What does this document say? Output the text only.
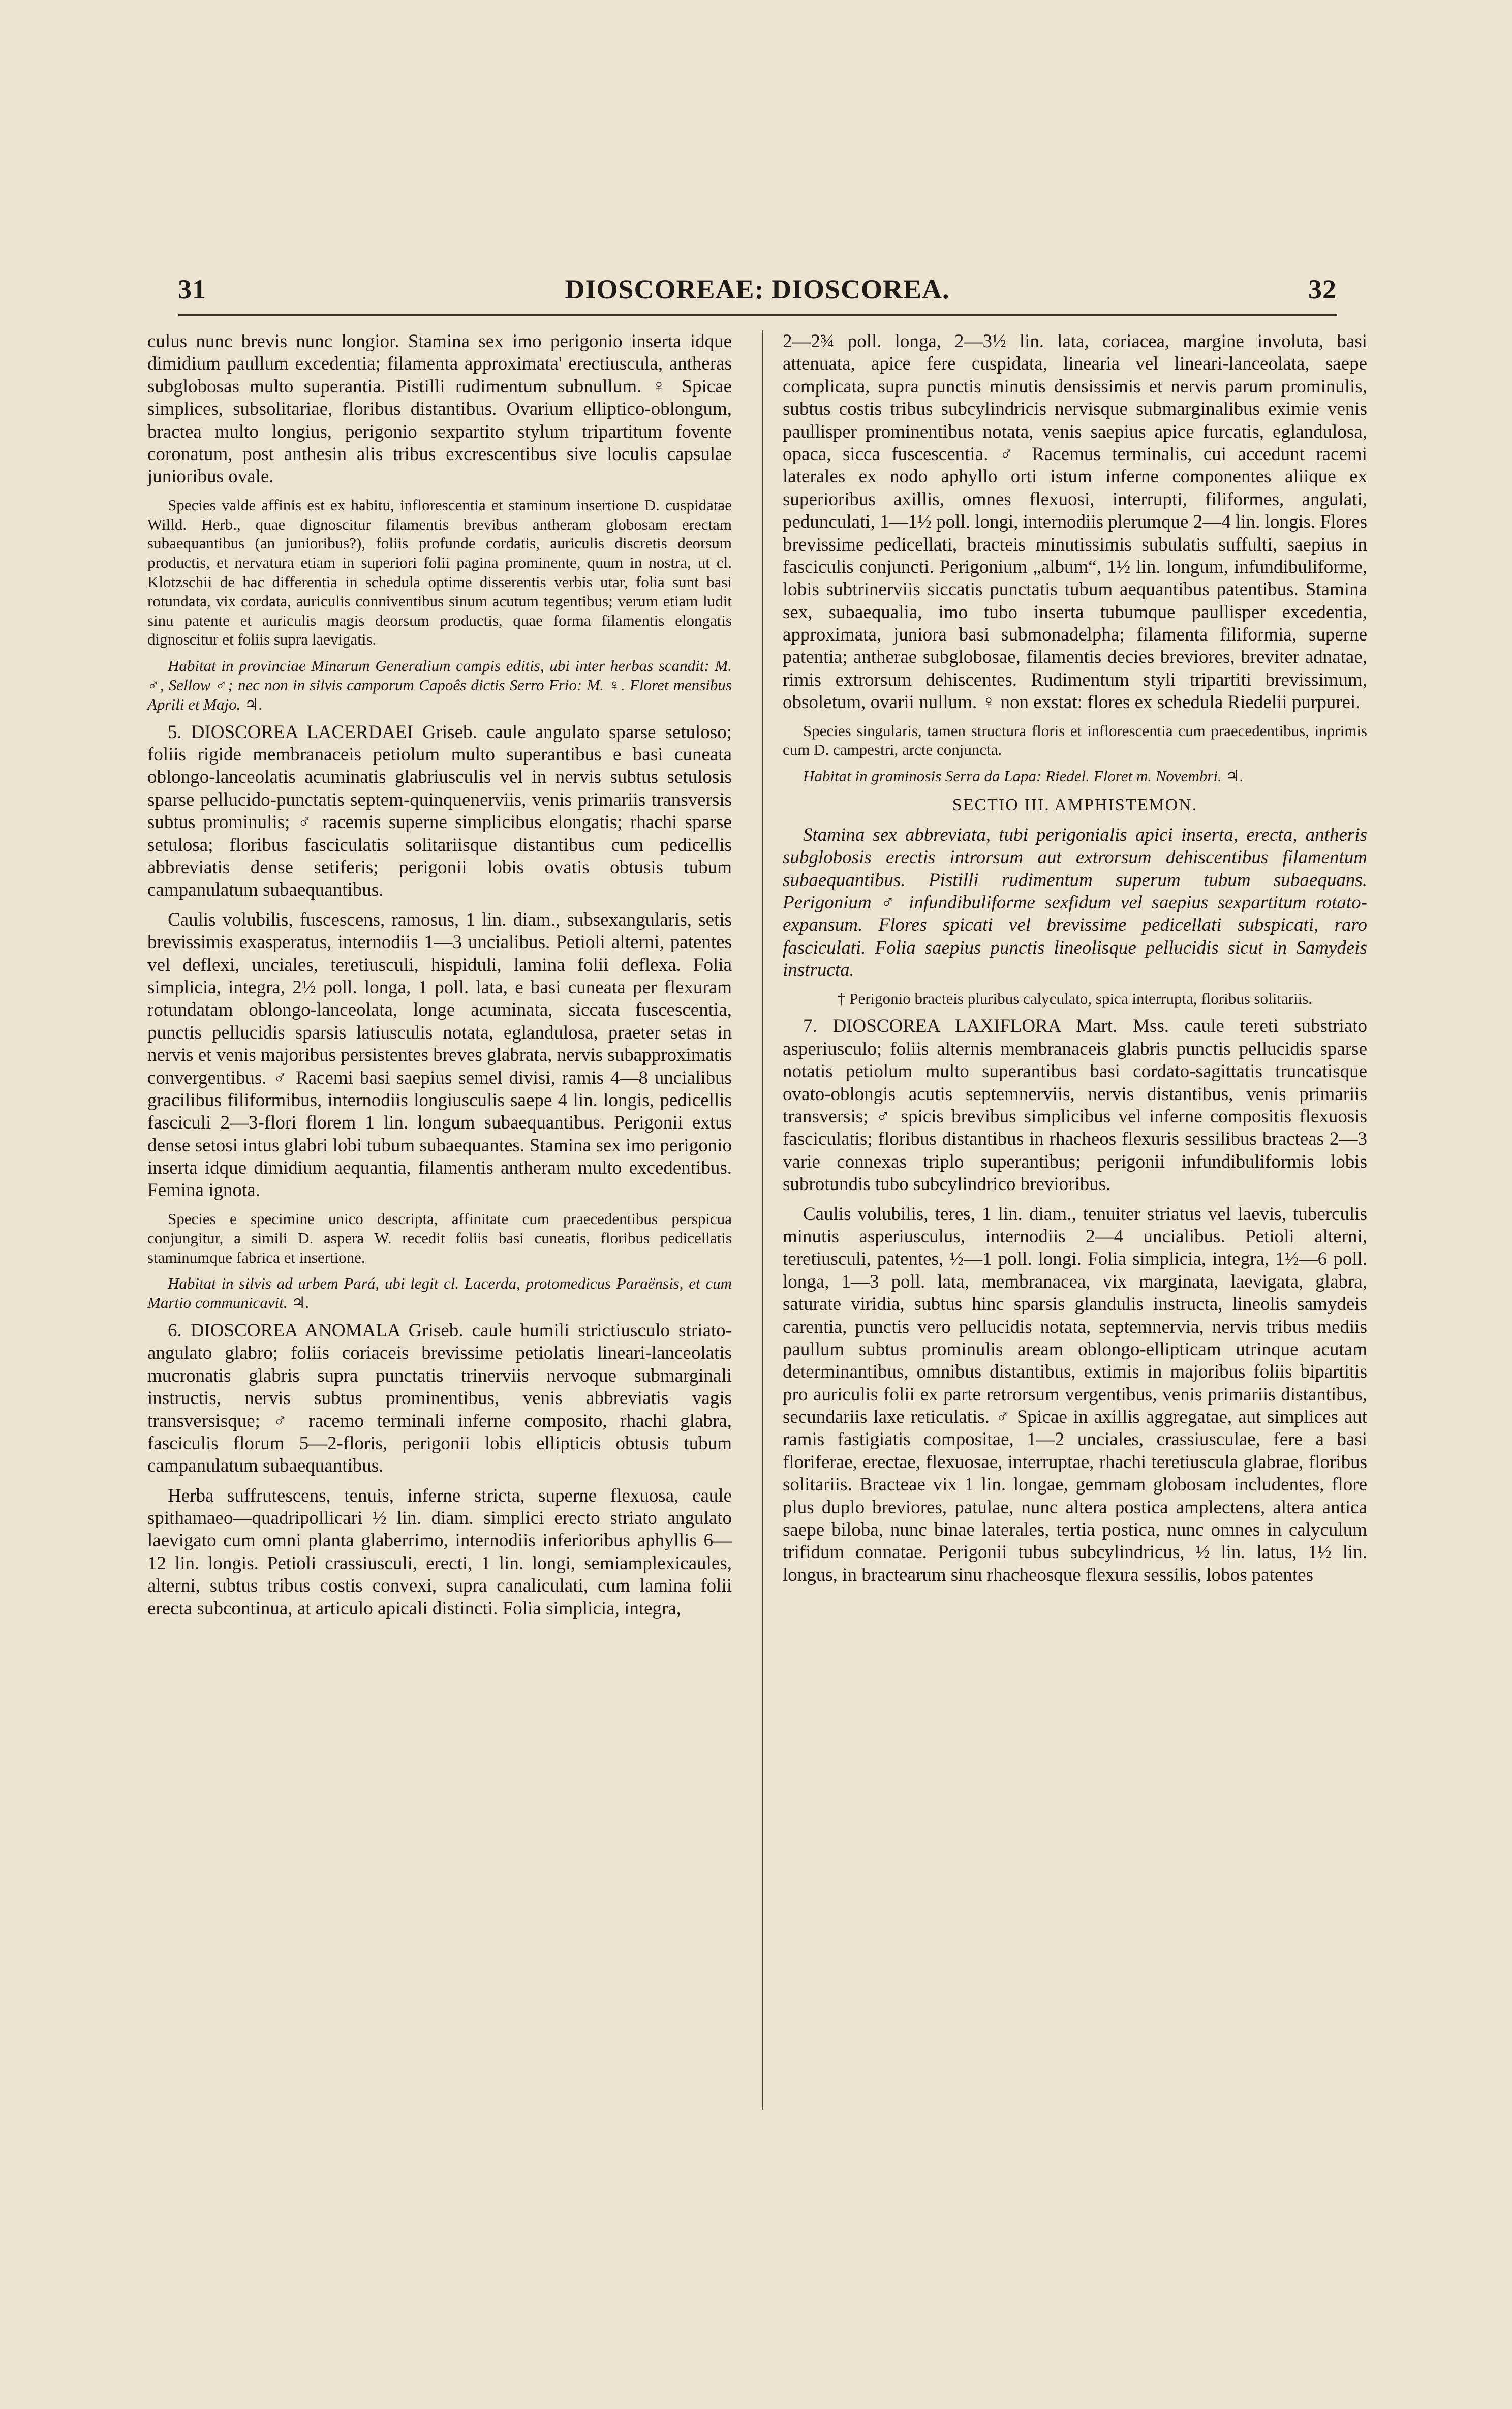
31	DIOSCOREAE: DIOSCOREA.	32

culus nunc brevis nunc longior. Stamina sex imo perigonio inserta idque dimidium paullum excedentia; filamenta approximata' erectiuscula, antheras subglobosas multo superantia. Pistilli rudimentum subnullum. ♀ Spicae simplices, subsolitariae, floribus distantibus. Ovarium elliptico-oblongum, bractea multo longius, perigonio sexpartito stylum tripartitum fovente coronatum, post anthesin alis tribus excrescentibus sive loculis capsulae junioribus ovale.

Species valde affinis est ex habitu, inflorescentia et staminum insertione D. cuspidatae Willd. Herb., quae dignoscitur filamentis brevibus antheram globosam erectam subaequantibus (an junioribus?), foliis profunde cordatis, auriculis discretis deorsum productis, et nervatura etiam in superiori folii pagina prominente, quum in nostra, ut cl. Klotzschii de hac differentia in schedula optime disserentis verbis utar, folia sunt basi rotundata, vix cordata, auriculis conniventibus sinum acutum tegentibus; verum etiam ludit sinu patente et auriculis magis deorsum productis, quae forma filamentis elongatis dignoscitur et foliis supra laevigatis.

Habitat in provinciae Minarum Generalium campis editis, ubi inter herbas scandit: M. ♂, Sellow ♂; nec non in silvis camporum Capoês dictis Serro Frio: M. ♀. Floret mensibus Aprili et Majo. ♃.

5. DIOSCOREA LACERDAEI Griseb. caule angulato sparse setuloso; foliis rigide membranaceis petiolum multo superantibus e basi cuneata oblongo-lanceolatis acuminatis glabriusculis vel in nervis subtus setulosis sparse pellucido-punctatis septem-quinquenerviis, venis primariis transversis subtus prominulis; ♂ racemis superne simplicibus elongatis; rhachi sparse setulosa; floribus fasciculatis solitariisque distantibus cum pedicellis abbreviatis dense setiferis; perigonii lobis ovatis obtusis tubum campanulatum subaequantibus.

Caulis volubilis, fuscescens, ramosus, 1 lin. diam., subsexangularis, setis brevissimis exasperatus, internodiis 1—3 uncialibus. Petioli alterni, patentes vel deflexi, unciales, teretiusculi, hispiduli, lamina folii deflexa. Folia simplicia, integra, 2½ poll. longa, 1 poll. lata, e basi cuneata per flexuram rotundatam oblongo-lanceolata, longe acuminata, siccata fuscescentia, punctis pellucidis sparsis latiusculis notata, eglandulosa, praeter setas in nervis et venis majoribus persistentes breves glabrata, nervis subapproximatis convergentibus. ♂ Racemi basi saepius semel divisi, ramis 4—8 uncialibus gracilibus filiformibus, internodiis longiusculis saepe 4 lin. longis, pedicellis fasciculi 2—3-flori florem 1 lin. longum subaequantibus. Perigonii extus dense setosi intus glabri lobi tubum subaequantes. Stamina sex imo perigonio inserta idque dimidium aequantia, filamentis antheram multo excedentibus. Femina ignota.

Species e specimine unico descripta, affinitate cum praecedentibus perspicua conjungitur, a simili D. aspera W. recedit foliis basi cuneatis, floribus pedicellatis staminumque fabrica et insertione.

Habitat in silvis ad urbem Pará, ubi legit cl. Lacerda, protomedicus Paraënsis, et cum Martio communicavit. ♃.

6. DIOSCOREA ANOMALA Griseb. caule humili strictiusculo striato-angulato glabro; foliis coriaceis brevissime petiolatis lineari-lanceolatis mucronatis glabris supra punctatis trinerviis nervoque submarginali instructis, nervis subtus prominentibus, venis abbreviatis vagis transversisque; ♂ racemo terminali inferne composito, rhachi glabra, fasciculis florum 5—2-floris, perigonii lobis ellipticis obtusis tubum campanulatum subaequantibus.

Herba suffrutescens, tenuis, inferne stricta, superne flexuosa, caule spithamaeo—quadripollicari ½ lin. diam. simplici erecto striato angulato laevigato cum omni planta glaberrimo, internodiis inferioribus aphyllis 6—12 lin. longis. Petioli crassiusculi, erecti, 1 lin. longi, semiamplexicaules, alterni, subtus tribus costis convexi, supra canaliculati, cum lamina folii erecta subcontinua, at articulo apicali distincti. Folia simplicia, integra,

2—2¾ poll. longa, 2—3½ lin. lata, coriacea, margine involuta, basi attenuata, apice fere cuspidata, linearia vel lineari-lanceolata, saepe complicata, supra punctis minutis densissimis et nervis parum prominulis, subtus costis tribus subcylindricis nervisque submarginalibus eximie venis paullisper prominentibus notata, venis saepius apice furcatis, eglandulosa, opaca, sicca fuscescentia. ♂ Racemus terminalis, cui accedunt racemi laterales ex nodo aphyllo orti istum inferne componentes aliique ex superioribus axillis, omnes flexuosi, interrupti, filiformes, angulati, pedunculati, 1—1½ poll. longi, internodiis plerumque 2—4 lin. longis. Flores brevissime pedicellati, bracteis minutissimis subulatis suffulti, saepius in fasciculis conjuncti. Perigonium „album“, 1½ lin. longum, infundibuliforme, lobis subtrinerviis siccatis punctatis tubum aequantibus patentibus. Stamina sex, subaequalia, imo tubo inserta tubumque paullisper excedentia, approximata, juniora basi submonadelpha; filamenta filiformia, superne patentia; antherae subglobosae, filamentis decies breviores, breviter adnatae, rimis extrorsum dehiscentes. Rudimentum styli tripartiti brevissimum, obsoletum, ovarii nullum. ♀ non exstat: flores ex schedula Riedelii purpurei.

Species singularis, tamen structura floris et inflorescentia cum praecedentibus, inprimis cum D. campestri, arcte conjuncta.

Habitat in graminosis Serra da Lapa: Riedel. Floret m. Novembri. ♃.

SECTIO III. AMPHISTEMON.

Stamina sex abbreviata, tubi perigonialis apici inserta, erecta, antheris subglobosis erectis introrsum aut extrorsum dehiscentibus filamentum subaequantibus. Pistilli rudimentum superum tubum subaequans. Perigonium ♂ infundibuliforme sexfidum vel saepius sexpartitum rotato-expansum. Flores spicati vel brevissime pedicellati subspicati, raro fasciculati. Folia saepius punctis lineolisque pellucidis sicut in Samydeis instructa.

† Perigonio bracteis pluribus calyculato, spica interrupta, floribus solitariis.

7. DIOSCOREA LAXIFLORA Mart. Mss. caule tereti substriato asperiusculo; foliis alternis membranaceis glabris punctis pellucidis sparse notatis petiolum multo superantibus basi cordato-sagittatis truncatisque ovato-oblongis acutis septemnerviis, nervis distantibus, venis primariis transversis; ♂ spicis brevibus simplicibus vel inferne compositis flexuosis fasciculatis; floribus distantibus in rhacheos flexuris sessilibus bracteas 2—3 varie connexas triplo superantibus; perigonii infundibuliformis lobis subrotundis tubo subcylindrico brevioribus.

Caulis volubilis, teres, 1 lin. diam., tenuiter striatus vel laevis, tuberculis minutis asperiusculus, internodiis 2—4 uncialibus. Petioli alterni, teretiusculi, patentes, ½—1 poll. longi. Folia simplicia, integra, 1½—6 poll. longa, 1—3 poll. lata, membranacea, vix marginata, laevigata, glabra, saturate viridia, subtus hinc sparsis glandulis instructa, lineolis samydeis carentia, punctis vero pellucidis notata, septemnervia, nervis tribus mediis paullum subtus prominulis aream oblongo-ellipticam utrinque acutam determinantibus, omnibus distantibus, extimis in majoribus foliis bipartitis pro auriculis folii ex parte retrorsum vergentibus, venis primariis distantibus, secundariis laxe reticulatis. ♂ Spicae in axillis aggregatae, aut simplices aut ramis fastigiatis compositae, 1—2 unciales, crassiusculae, fere a basi floriferae, erectae, flexuosae, interruptae, rhachi teretiuscula glabrae, floribus solitariis. Bracteae vix 1 lin. longae, gemmam globosam includentes, flore plus duplo breviores, patulae, nunc altera postica amplectens, altera antica saepe biloba, nunc binae laterales, tertia postica, nunc omnes in calyculum trifidum connatae. Perigonii tubus subcylindricus, ½ lin. latus, 1½ lin. longus, in bractearum sinu rhacheosque flexura sessilis, lobos patentes
